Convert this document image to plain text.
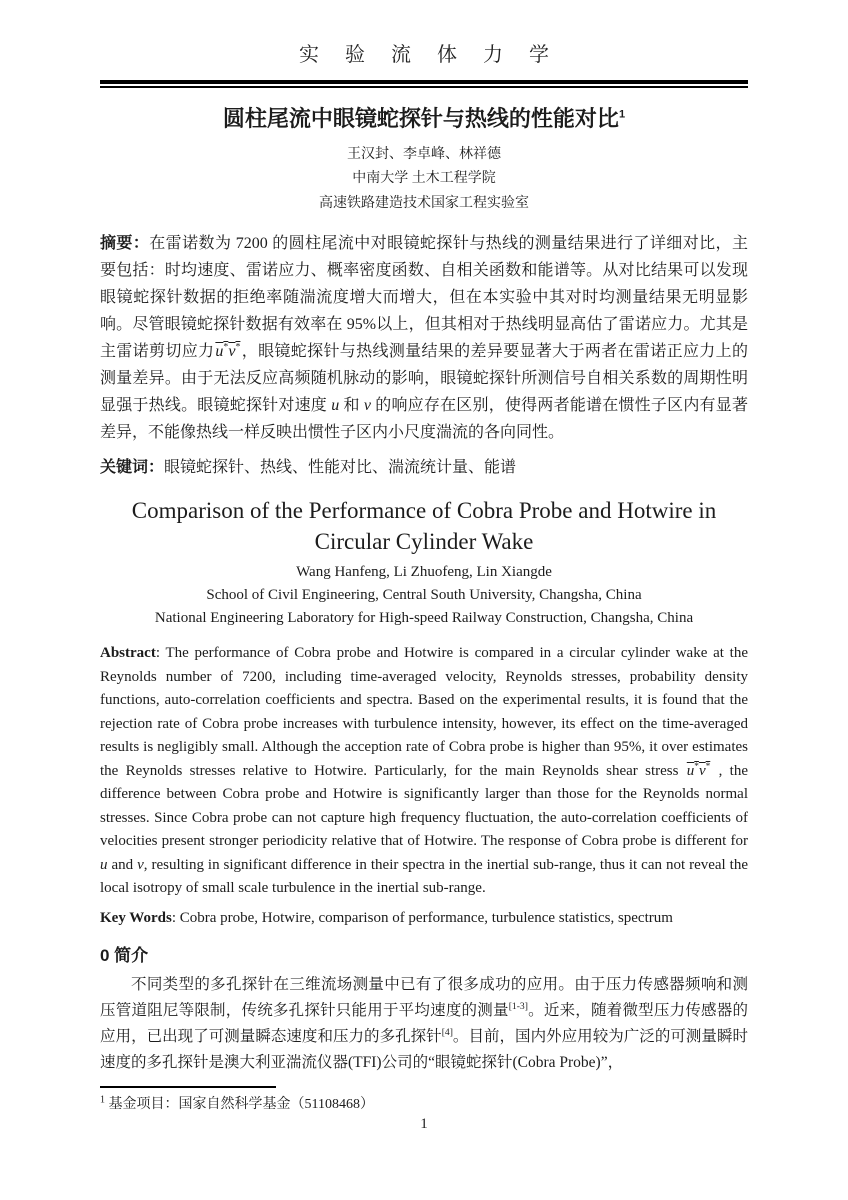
实验流体力学
圆柱尾流中眼镜蛇探针与热线的性能对比$^1$
王汉封、李卓峰、林祥德
中南大学 土木工程学院
高速铁路建造技术国家工程实验室

摘要：在雷诺数为 7200 的圆柱尾流中对眼镜蛇探针与热线的测量结果进行了详细对比，主要包括：时均速度、雷诺应力、概率密度函数、自相关函数和能谱等。从对比结果可以发现眼镜蛇探针数据的拒绝率随湍流度增大而增大，但在本实验中其对时均测量结果无明显影响。尽管眼镜蛇探针数据有效率在 95%以上，但其相对于热线明显高估了雷诺应力。尤其是主雷诺剪切应力u*v*，眼镜蛇探针与热线测量结果的差异要显著大于两者在雷诺正应力上的测量差异。由于无法反应高频随机脉动的影响，眼镜蛇探针所测信号自相关系数的周期性明显强于热线。眼镜蛇探针对速度 u 和 v 的响应存在区别，使得两者能谱在惯性子区内有显著差异，不能像热线一样反映出惯性子区内小尺度湍流的各向同性。

关键词：眼镜蛇探针、热线、性能对比、湍流统计量、能谱

Comparison of the Performance of Cobra Probe and Hotwire in Circular Cylinder Wake
Wang Hanfeng, Li Zhuofeng, Lin Xiangde
School of Civil Engineering, Central South University, Changsha, China
National Engineering Laboratory for High-speed Railway Construction, Changsha, China

Abstract: The performance of Cobra probe and Hotwire is compared in a circular cylinder wake at the Reynolds number of 7200, including time-averaged velocity, Reynolds stresses, probability density functions, auto-correlation coefficients and spectra. Based on the experimental results, it is found that the rejection rate of Cobra probe increases with turbulence intensity, however, its effect on the time-averaged results is negligibly small. Although the acception rate of Cobra probe is higher than 95%, it over estimates the Reynolds stresses relative to Hotwire. Particularly, for the main Reynolds shear stress u*v* , the difference between Cobra probe and Hotwire is significantly larger than those for the Reynolds normal stresses. Since Cobra probe can not capture high frequency fluctuation, the auto-correlation coefficients of velocities present stronger periodicity relative that of Hotwire. The response of Cobra probe is different for u and v, resulting in significant difference in their spectra in the inertial sub-range, thus it can not reveal the local isotropy of small scale turbulence in the inertial sub-range.

Key Words: Cobra probe, Hotwire, comparison of performance, turbulence statistics, spectrum

0 简介

不同类型的多孔探针在三维流场测量中已有了很多成功的应用。由于压力传感器频响和测压管道阻尼等限制，传统多孔探针只能用于平均速度的测量[1-3]。近来，随着微型压力传感器的应用，已出现了可测量瞬态速度和压力的多孔探针[4]。目前，国内外应用较为广泛的可测量瞬时速度的多孔探针是澳大利亚湍流仪器(TFI)公司的“眼镜蛇探针(Cobra Probe)”，

$^1$ 基金项目：国家自然科学基金（51108468）
1
